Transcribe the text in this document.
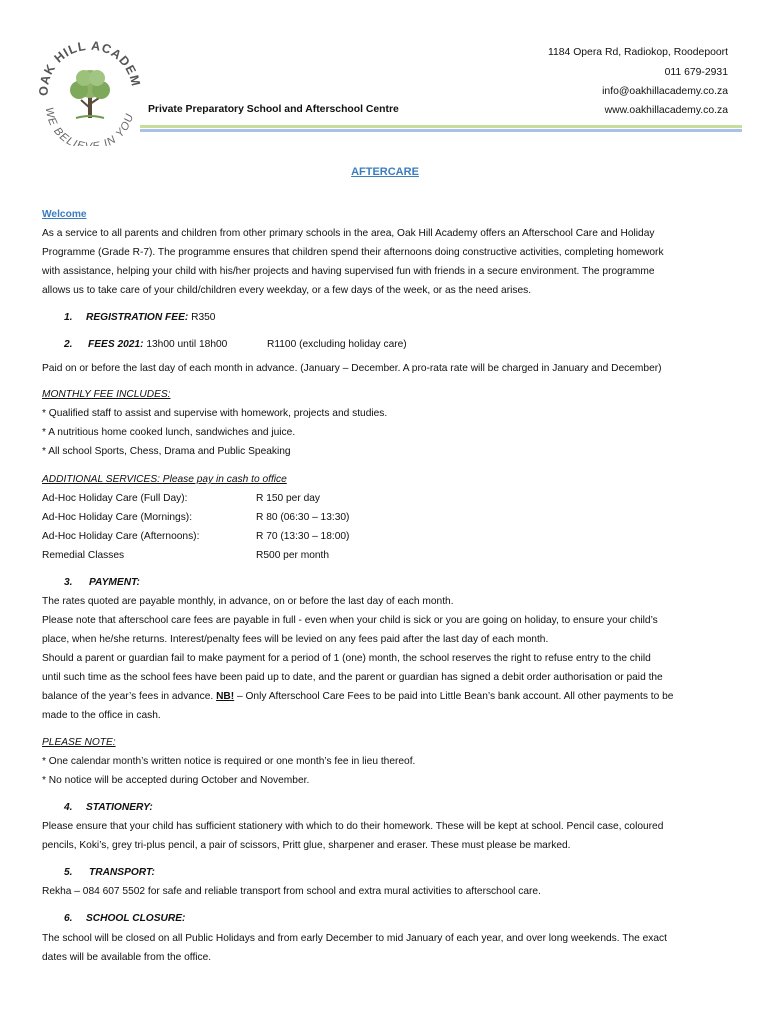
OAK HILL ACADEM
WE BELI IN YOU
1184 Opera Rd, Radiokop, Roodepoort
011 679-2931
info@oakhillacademy.co.za
www.oakhillacademy.co.za
Private Preparatory School and Afterschool Centre
AFTERCARE
Welcome
As a service to all parents and children from other primary schools in the area, Oak Hill Academy offers an Afterschool Care and Holiday
Programme (Grade R-7). The programme ensures that children spend their afternoons doing constructive activities, completing homework
with assistance, helping your child with his/her projects and having supervised fun with friends in a secure environment. The programme
allows us to take care of your child/children every weekday, or a few days of the week, or as the need arises.
1. REGISTRATION FEE: R350
2. FEES 2021: 13h00 until 18h00	R1100 (excluding holiday care)
Paid on or before the last day of each month in advance. (January – December. A pro-rata rate will be charged in January and December)
MONTHLY FEE INCLUDES:
* Qualified staff to assist and supervise with homework, projects and studies.
* A nutritious home cooked lunch, sandwiches and juice.
* All school Sports, Chess, Drama and Public Speaking
ADDITIONAL SERVICES: Please pay in cash to office
Ad-Hoc Holiday Care (Full Day):	R 150 per day
Ad-Hoc Holiday Care (Mornings):	R 80 (06:30 – 13:30)
Ad-Hoc Holiday Care (Afternoons):	R 70 (13:30 – 18:00)
Remedial Classes	R500 per month
3. PAYMENT:
The rates quoted are payable monthly, in advance, on or before the last day of each month.
Please note that afterschool care fees are payable in full - even when your child is sick or you are going on holiday, to ensure your child’s
place, when he/she returns. Interest/penalty fees will be levied on any fees paid after the last day of each month.
Should a parent or guardian fail to make payment for a period of 1 (one) month, the school reserves the right to refuse entry to the child
until such time as the school fees have been paid up to date, and the parent or guardian has signed a debit order authorisation or paid the
balance of the year’s fees in advance. NB! – Only Afterschool Care Fees to be paid into Little Bean’s bank account. All other payments to be
made to the office in cash.
PLEASE NOTE:
* One calendar month’s written notice is required or one month’s fee in lieu thereof.
* No notice will be accepted during October and November.
4. STATIONERY:
Please ensure that your child has sufficient stationery with which to do their homework. These will be kept at school. Pencil case, coloured
pencils, Koki’s, grey tri-plus pencil, a pair of scissors, Pritt glue, sharpener and eraser. These must please be marked.
5. TRANSPORT:
Rekha – 084 607 5502 for safe and reliable transport from school and extra mural activities to afterschool care.
6. SCHOOL CLOSURE:
The school will be closed on all Public Holidays and from early December to mid January of each year, and over long weekends. The exact
dates will be available from the office.
